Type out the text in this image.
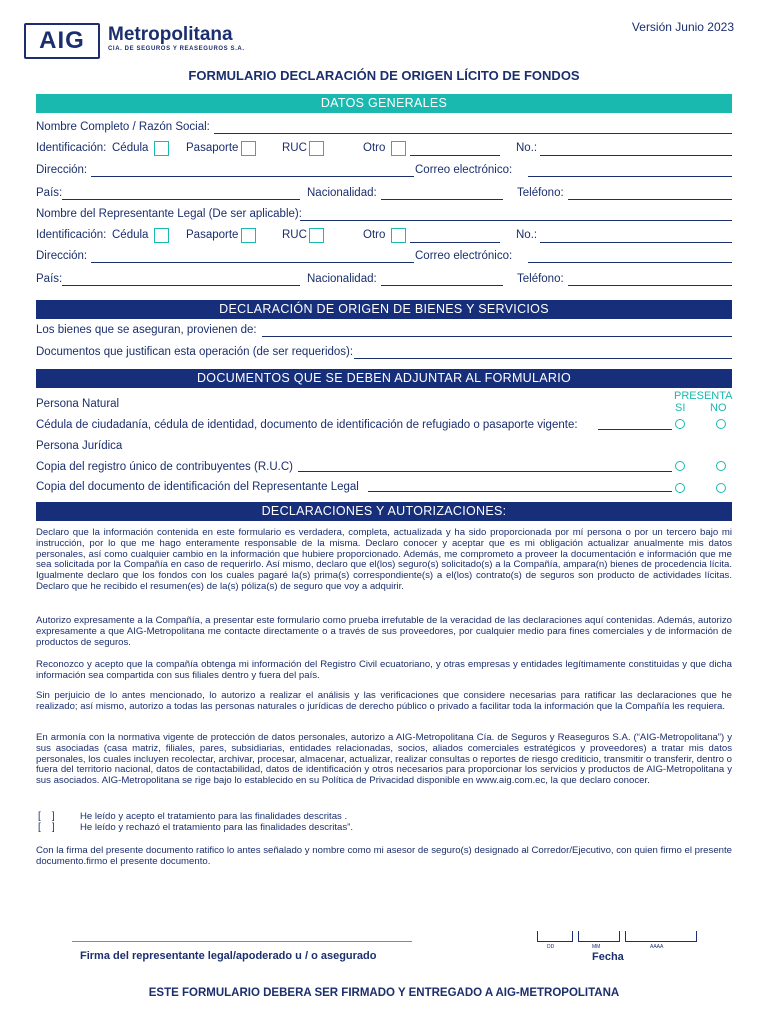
AIG Metropolitana
CIA. DE SEGUROS Y REASEGUROS S.A.
Versión Junio 2023
FORMULARIO DECLARACIÓN DE ORIGEN LÍCITO DE FONDOS
DATOS GENERALES
Nombre Completo / Razón Social:
Identificación: Cédula	Pasaporte	RUC	Otro	No.:
Dirección:	Correo electrónico:
País:	Nacionalidad:	Teléfono:
Nombre del Representante Legal (De ser aplicable):
Identificación: Cédula	Pasaporte	RUC	Otro	No.:
Dirección:	Correo electrónico:
País:	Nacionalidad:	Teléfono:
DECLARACIÓN DE ORIGEN DE BIENES Y SERVICIOS
Los bienes que se aseguran, provienen de:
Documentos que justifican esta operación (de ser requeridos):
DOCUMENTOS QUE SE DEBEN ADJUNTAR AL FORMULARIO
PRESENTA
SI NO
Persona Natural
Cédula de ciudadanía, cédula de identidad, documento de identificación de refugiado o pasaporte vigente:
Persona Jurídica
Copia del registro único de contribuyentes (R.U.C)
Copia del documento de identificación del Representante Legal
DECLARACIONES Y AUTORIZACIONES:
Declaro que la información contenida en este formulario es verdadera, completa, actualizada y ha sido proporcionada por mí persona o por un tercero bajo mi instrucción, por lo que me hago enteramente responsable de la misma. Declaro conocer y aceptar que es mi obligación actualizar anualmente mis datos personales, así como cualquier cambio en la información que hubiere proporcionado. Además, me comprometo a proveer la documentación e información que me sea solicitada por la Compañía en caso de requerirlo. Así mismo, declaro que el(los) seguro(s) solicitado(s) a la Compañía, ampara(n) bienes de procedencia lícita. Igualmente declaro que los fondos con los cuales pagaré la(s) prima(s) correspondiente(s) a el(los) contrato(s) de seguros son producto de actividades lícitas. Declaro que he recibido el resumen(es) de la(s) póliza(s) de seguro que voy a adquirir.
Autorizo expresamente a la Compañía, a presentar este formulario como prueba irrefutable de la veracidad de las declaraciones aquí contenidas. Además, autorizo expresamente a que AIG-Metropolitana me contacte directamente o a través de sus proveedores, por cualquier medio para fines comerciales y de información de productos de seguros.
Reconozco y acepto que la compañía obtenga mi información del Registro Civil ecuatoriano, y otras empresas y entidades legítimamente constituidas y que dicha información sea compartida con sus filiales dentro y fuera del país.
Sin perjuicio de lo antes mencionado, lo autorizo a realizar el análisis y las verificaciones que considere necesarias para ratificar las declaraciones que he realizado; así mismo, autorizo a todas las personas naturales o jurídicas de derecho público o privado a facilitar toda la información que la Compañía les requiera.
En armonía con la normativa vigente de protección de datos personales, autorizo a AIG-Metropolitana Cía. de Seguros y Reaseguros S.A. (“AIG-Metropolitana”) y sus asociadas (casa matriz, filiales, pares, subsidiarias, entidades relacionadas, socios, aliados comerciales estratégicos y proveedores) a tratar mis datos personales, los cuales incluyen recolectar, archivar, procesar, almacenar, actualizar, realizar consultas o reportes de riesgo crediticio, transmitir o transferir, dentro o fuera del territorio nacional, datos de contactabilidad, datos de identificación y otros necesarios para proporcionar los servicios y productos de AIG-Metropolitana y sus asociados. AIG-Metropolitana se rige bajo lo establecido en su Política de Privacidad disponible en www.aig.com.ec, la que declaro conocer.
[    ]	He leído y acepto el tratamiento para las finalidades descritas .
[    ]	He leído y rechazó el tratamiento para las finalidades descritas”.
Con la firma del presente documento ratifico lo antes señalado y nombre como mi asesor de seguro(s) designado al Corredor/Ejecutivo, con quien firmo el presente documento.firmo el presente documento.
Firma del representante legal/apoderado u / o asegurado
DD	MM	AAAA
Fecha
ESTE FORMULARIO DEBERA SER FIRMADO Y ENTREGADO A AIG-METROPOLITANA
